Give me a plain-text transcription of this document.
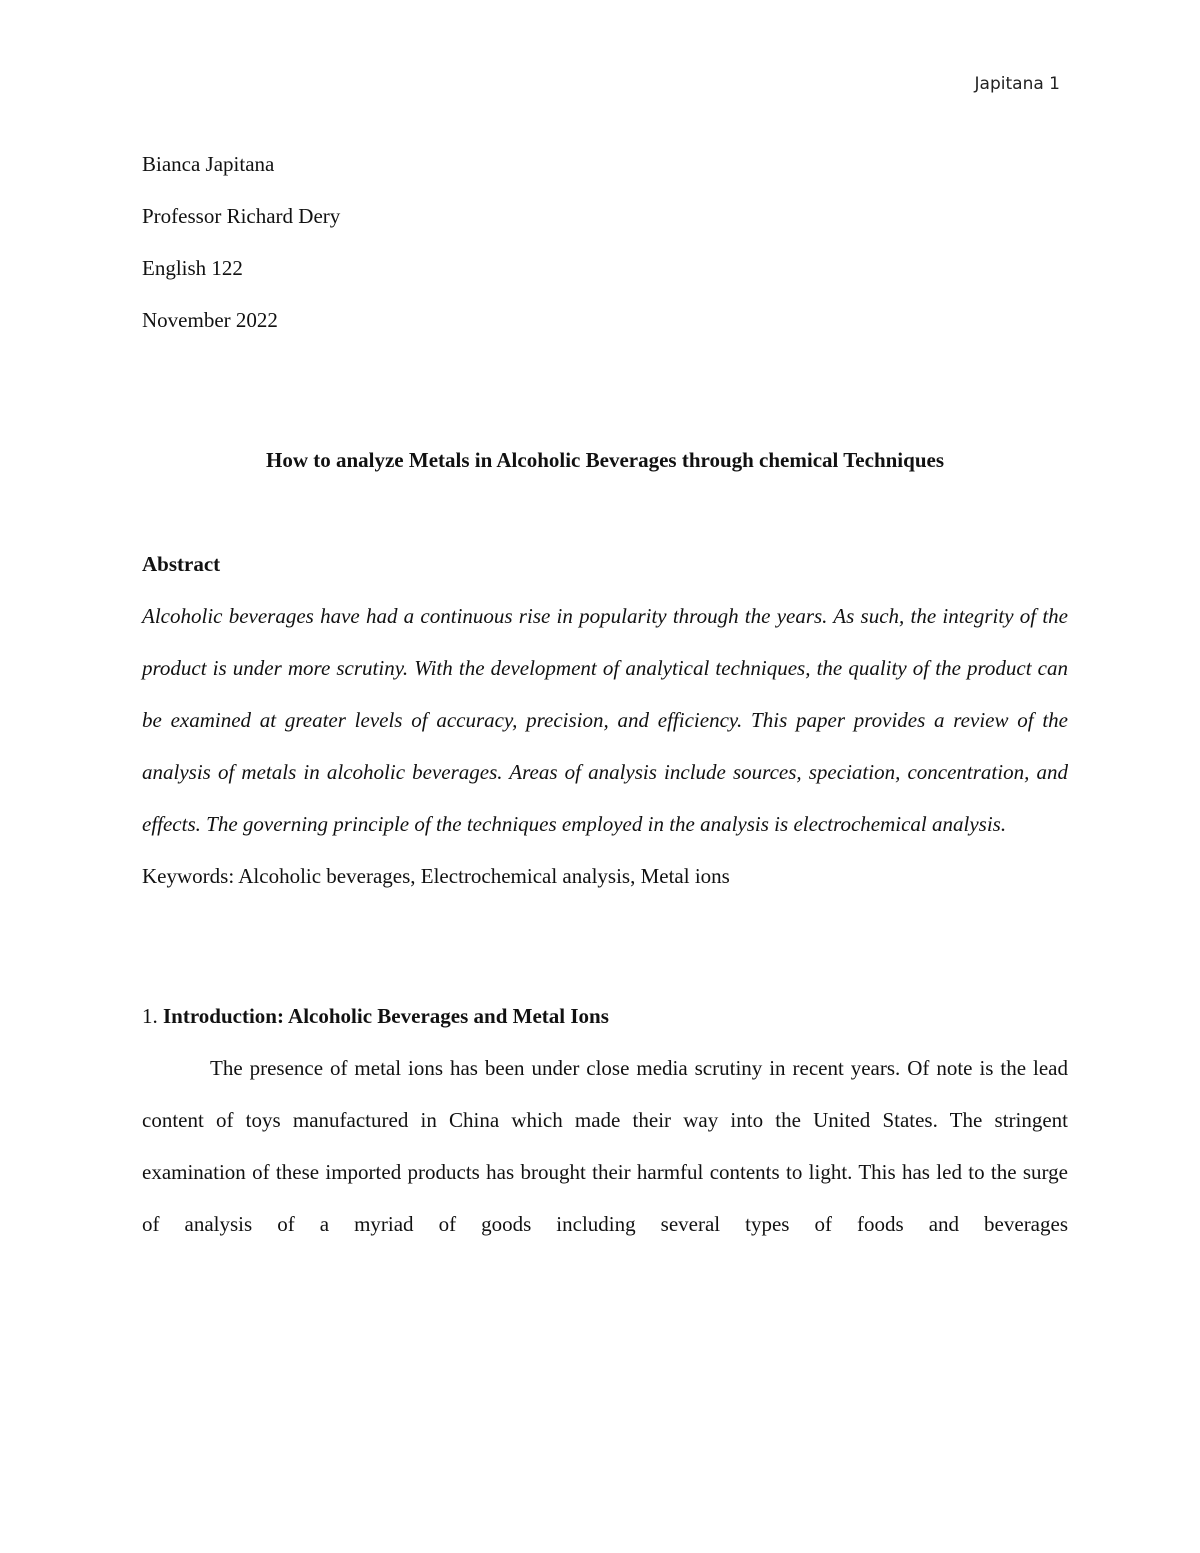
Japitana 1

Bianca Japitana

Professor Richard Dery

English 122

November 2022

How to analyze Metals in Alcoholic Beverages through chemical Techniques

Abstract

Alcoholic beverages have had a continuous rise in popularity through the years. As such, the integrity of the product is under more scrutiny. With the development of analytical techniques, the quality of the product can be examined at greater levels of accuracy, precision, and efficiency. This paper provides a review of the analysis of metals in alcoholic beverages. Areas of analysis include sources, speciation, concentration, and effects. The governing principle of the techniques employed in the analysis is electrochemical analysis.

Keywords: Alcoholic beverages, Electrochemical analysis, Metal ions

1. Introduction: Alcoholic Beverages and Metal Ions

The presence of metal ions has been under close media scrutiny in recent years. Of note is the lead content of toys manufactured in China which made their way into the United States. The stringent examination of these imported products has brought their harmful contents to light. This has led to the surge of analysis of a myriad of goods including several types of foods and beverages
